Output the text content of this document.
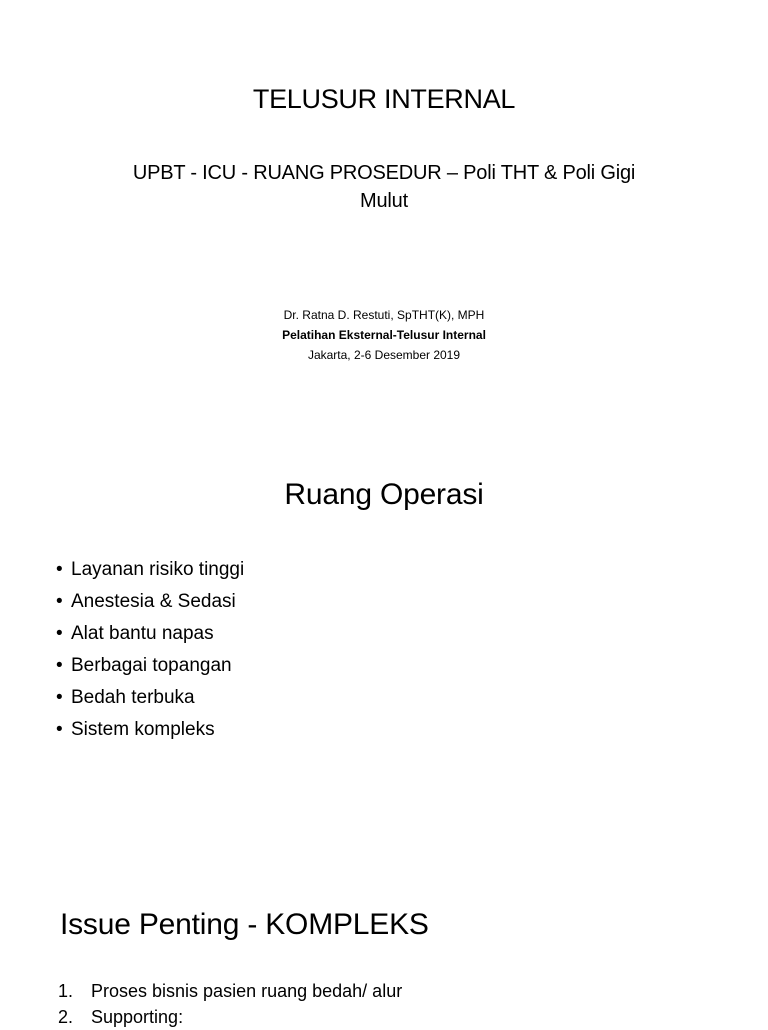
TELUSUR INTERNAL
UPBT - ICU - RUANG PROSEDUR – Poli THT & Poli Gigi
Mulut
Dr. Ratna D. Restuti, SpTHT(K), MPH
Pelatihan Eksternal-Telusur Internal
Jakarta, 2-6 Desember 2019
Ruang Operasi
• Layanan risiko tinggi
• Anestesia & Sedasi
• Alat bantu napas
• Berbagai topangan
• Bedah terbuka
• Sistem kompleks
Issue Penting - KOMPLEKS
1. Proses bisnis pasien ruang bedah/ alur
2. Supporting:
